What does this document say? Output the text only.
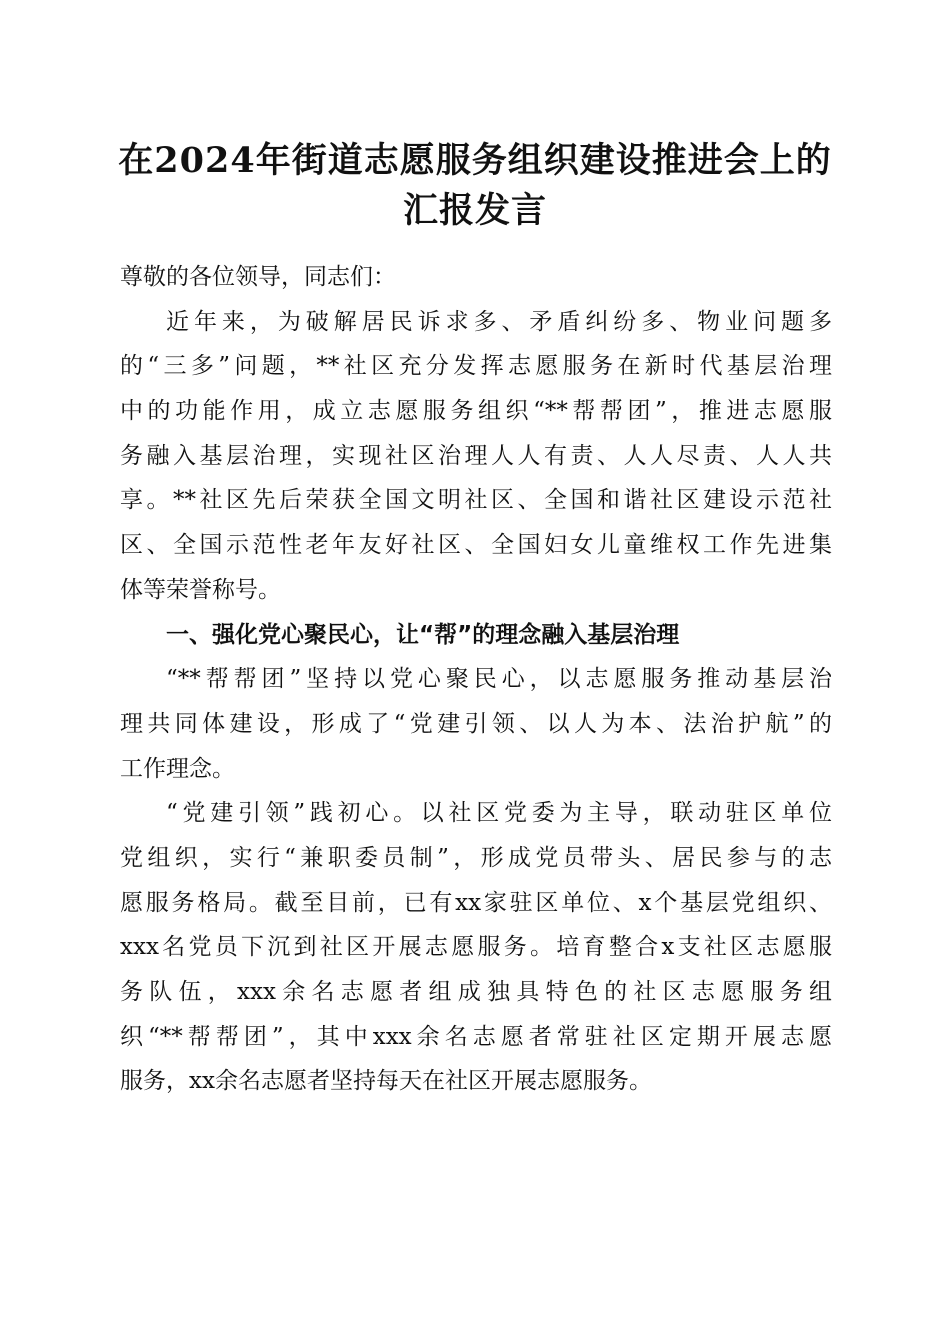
在2024年街道志愿服务组织建设推进会上的
汇报发言
尊敬的各位领导，同志们：
近年来，为破解居民诉求多、矛盾纠纷多、物业问题多
的“三多”问题，**社区充分发挥志愿服务在新时代基层治理
中的功能作用，成立志愿服务组织“**帮帮团”，推进志愿服
务融入基层治理，实现社区治理人人有责、人人尽责、人人共
享。**社区先后荣获全国文明社区、全国和谐社区建设示范社
区、全国示范性老年友好社区、全国妇女儿童维权工作先进集
体等荣誉称号。
一、强化党心聚民心，让“帮”的理念融入基层治理
“**帮帮团”坚持以党心聚民心，以志愿服务推动基层治
理共同体建设，形成了“党建引领、以人为本、法治护航”的
工作理念。
“党建引领”践初心。以社区党委为主导，联动驻区单位
党组织，实行“兼职委员制”，形成党员带头、居民参与的志
愿服务格局。截至目前，已有xx家驻区单位、x个基层党组织、
xxx名党员下沉到社区开展志愿服务。培育整合x支社区志愿服
务队伍，xxx余名志愿者组成独具特色的社区志愿服务组
织“**帮帮团”，其中xxx余名志愿者常驻社区定期开展志愿
服务，xx余名志愿者坚持每天在社区开展志愿服务。
